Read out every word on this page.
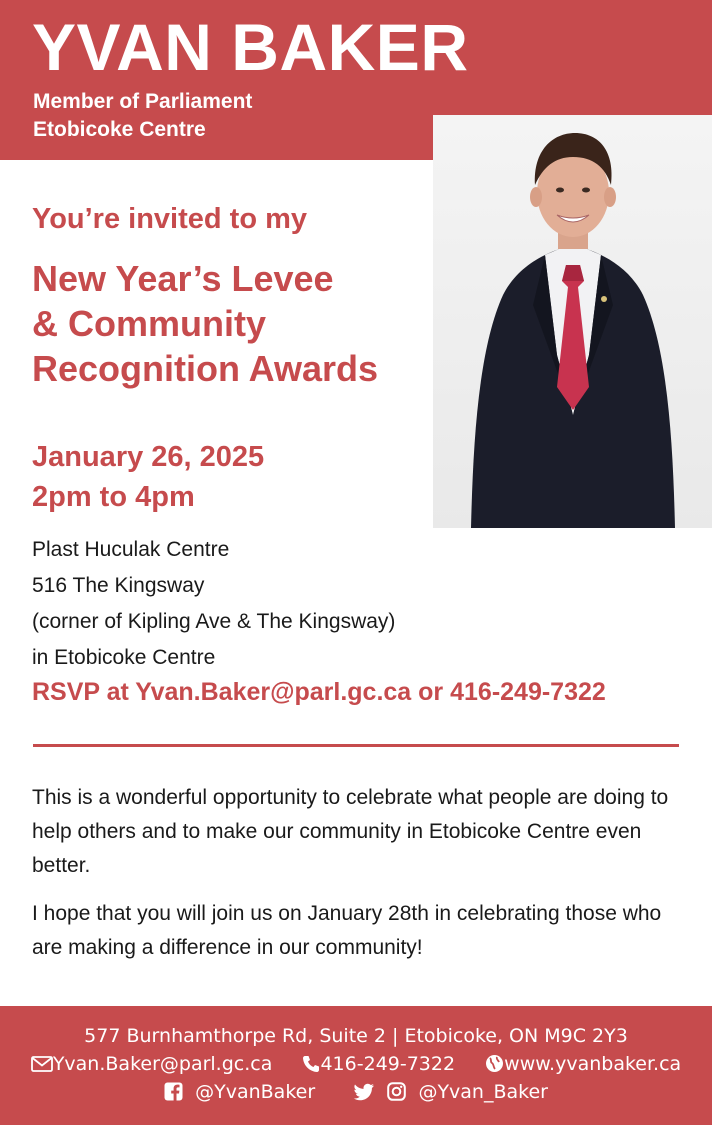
YVAN BAKER
Member of Parliament
Etobicoke Centre
You’re invited to my
New Year’s Levee
& Community
Recognition Awards
January 26, 2025
2pm to 4pm
Plast Huculak Centre
516 The Kingsway
(corner of Kipling Ave & The Kingsway)
in Etobicoke Centre
RSVP at Yvan.Baker@parl.gc.ca or 416-249-7322
This is a wonderful opportunity to celebrate what people are doing to help others and to make our community in Etobicoke Centre even better.
I hope that you will join us on January 28th in celebrating those who are making a difference in our community!
577 Burnhamthorpe Rd, Suite 2 | Etobicoke, ON M9C 2Y3
Yvan.Baker@parl.gc.ca	416-249-7322	www.yvanbaker.ca
@YvanBaker	@Yvan_Baker
